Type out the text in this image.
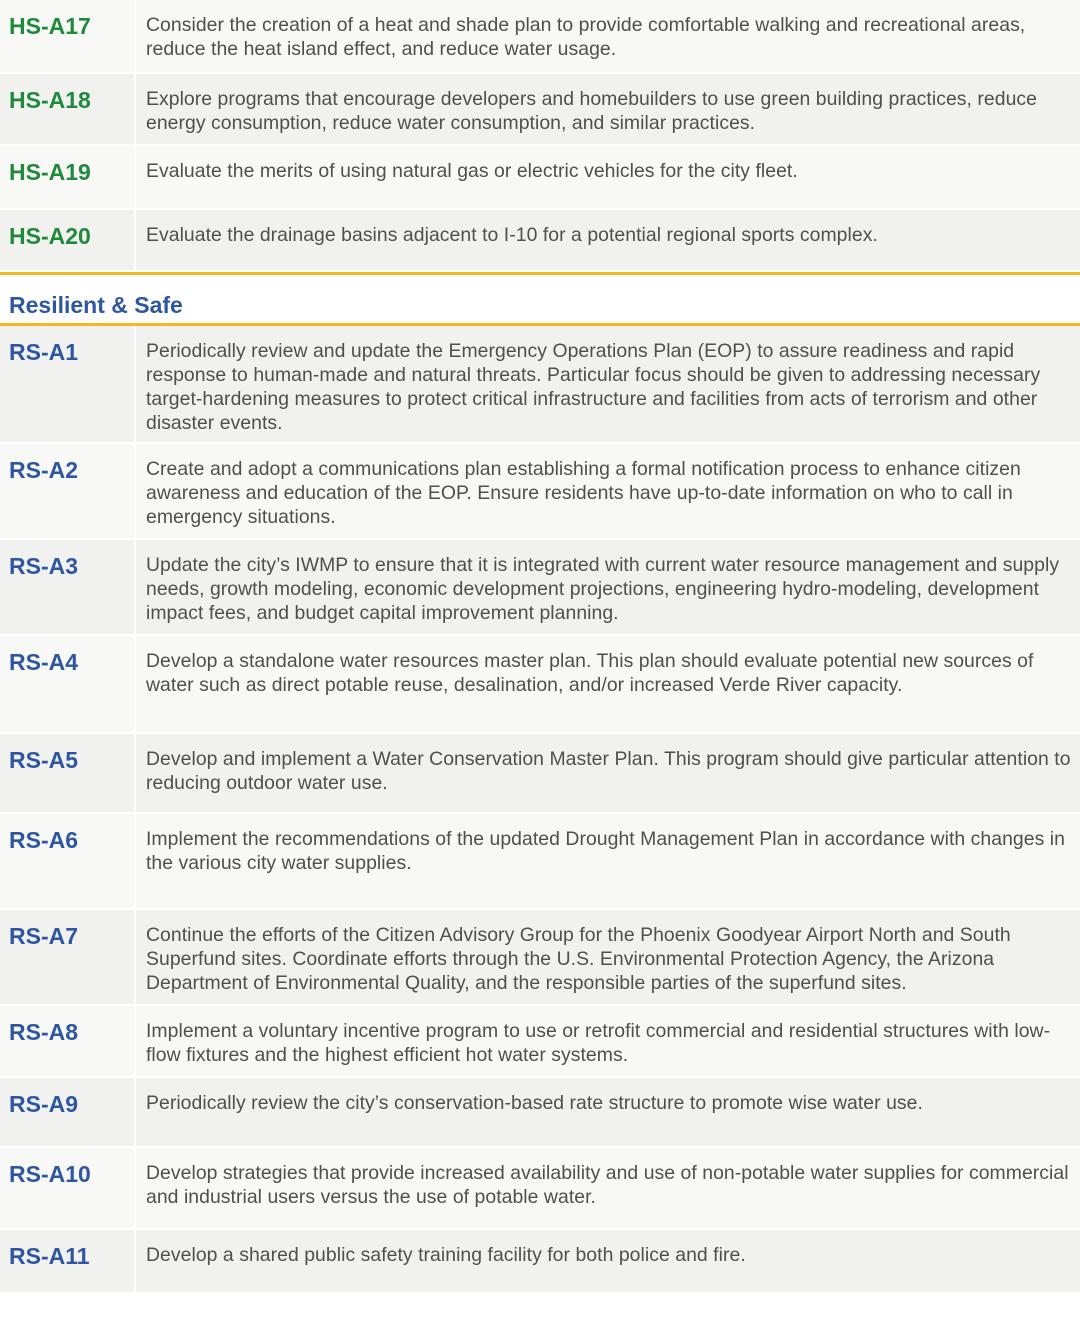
HS-A17	Consider the creation of a heat and shade plan to provide comfortable walking and recreational areas, reduce the heat island effect, and reduce water usage.
HS-A18	Explore programs that encourage developers and homebuilders to use green building practices, reduce energy consumption, reduce water consumption, and similar practices.
HS-A19	Evaluate the merits of using natural gas or electric vehicles for the city fleet.
HS-A20	Evaluate the drainage basins adjacent to I-10 for a potential regional sports complex.
Resilient & Safe
RS-A1	Periodically review and update the Emergency Operations Plan (EOP) to assure readiness and rapid response to human-made and natural threats. Particular focus should be given to addressing necessary target-hardening measures to protect critical infrastructure and facilities from acts of terrorism and other disaster events.
RS-A2	Create and adopt a communications plan establishing a formal notification process to enhance citizen awareness and education of the EOP. Ensure residents have up-to-date information on who to call in emergency situations.
RS-A3	Update the city’s IWMP to ensure that it is integrated with current water resource management and supply needs, growth modeling, economic development projections, engineering hydro-modeling, development impact fees, and budget capital improvement planning.
RS-A4	Develop a standalone water resources master plan. This plan should evaluate potential new sources of water such as direct potable reuse, desalination, and/or increased Verde River capacity.
RS-A5	Develop and implement a Water Conservation Master Plan. This program should give particular attention to reducing outdoor water use.
RS-A6	Implement the recommendations of the updated Drought Management Plan in accordance with changes in the various city water supplies.
RS-A7	Continue the efforts of the Citizen Advisory Group for the Phoenix Goodyear Airport North and South Superfund sites. Coordinate efforts through the U.S. Environmental Protection Agency, the Arizona Department of Environmental Quality, and the responsible parties of the superfund sites.
RS-A8	Implement a voluntary incentive program to use or retrofit commercial and residential structures with low-flow fixtures and the highest efficient hot water systems.
RS-A9	Periodically review the city’s conservation-based rate structure to promote wise water use.
RS-A10	Develop strategies that provide increased availability and use of non-potable water supplies for commercial and industrial users versus the use of potable water.
RS-A11	Develop a shared public safety training facility for both police and fire.
